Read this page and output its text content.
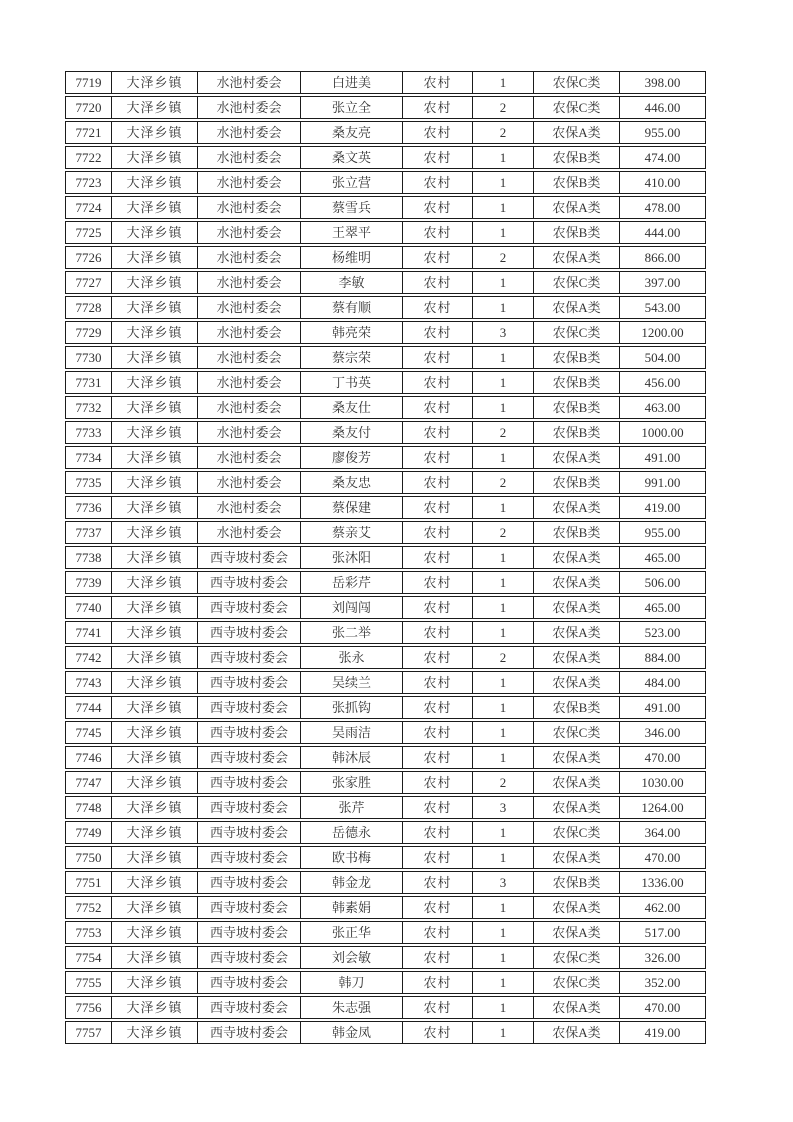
7719	大泽乡镇	水池村委会	白进美	农村	1	农保C类	398.00
7720	大泽乡镇	水池村委会	张立全	农村	2	农保C类	446.00
7721	大泽乡镇	水池村委会	桑友亮	农村	2	农保A类	955.00
7722	大泽乡镇	水池村委会	桑文英	农村	1	农保B类	474.00
7723	大泽乡镇	水池村委会	张立营	农村	1	农保B类	410.00
7724	大泽乡镇	水池村委会	蔡雪兵	农村	1	农保A类	478.00
7725	大泽乡镇	水池村委会	王翠平	农村	1	农保B类	444.00
7726	大泽乡镇	水池村委会	杨维明	农村	2	农保A类	866.00
7727	大泽乡镇	水池村委会	李敏	农村	1	农保C类	397.00
7728	大泽乡镇	水池村委会	蔡有顺	农村	1	农保A类	543.00
7729	大泽乡镇	水池村委会	韩亮荣	农村	3	农保C类	1200.00
7730	大泽乡镇	水池村委会	蔡宗荣	农村	1	农保B类	504.00
7731	大泽乡镇	水池村委会	丁书英	农村	1	农保B类	456.00
7732	大泽乡镇	水池村委会	桑友仕	农村	1	农保B类	463.00
7733	大泽乡镇	水池村委会	桑友付	农村	2	农保B类	1000.00
7734	大泽乡镇	水池村委会	廖俊芳	农村	1	农保A类	491.00
7735	大泽乡镇	水池村委会	桑友忠	农村	2	农保B类	991.00
7736	大泽乡镇	水池村委会	蔡保建	农村	1	农保A类	419.00
7737	大泽乡镇	水池村委会	蔡亲艾	农村	2	农保B类	955.00
7738	大泽乡镇	西寺坡村委会	张沐阳	农村	1	农保A类	465.00
7739	大泽乡镇	西寺坡村委会	岳彩芹	农村	1	农保A类	506.00
7740	大泽乡镇	西寺坡村委会	刘闯闯	农村	1	农保A类	465.00
7741	大泽乡镇	西寺坡村委会	张二举	农村	1	农保A类	523.00
7742	大泽乡镇	西寺坡村委会	张永	农村	2	农保A类	884.00
7743	大泽乡镇	西寺坡村委会	吴续兰	农村	1	农保A类	484.00
7744	大泽乡镇	西寺坡村委会	张抓钩	农村	1	农保B类	491.00
7745	大泽乡镇	西寺坡村委会	吴雨洁	农村	1	农保C类	346.00
7746	大泽乡镇	西寺坡村委会	韩沐辰	农村	1	农保A类	470.00
7747	大泽乡镇	西寺坡村委会	张家胜	农村	2	农保A类	1030.00
7748	大泽乡镇	西寺坡村委会	张芹	农村	3	农保A类	1264.00
7749	大泽乡镇	西寺坡村委会	岳德永	农村	1	农保C类	364.00
7750	大泽乡镇	西寺坡村委会	欧书梅	农村	1	农保A类	470.00
7751	大泽乡镇	西寺坡村委会	韩金龙	农村	3	农保B类	1336.00
7752	大泽乡镇	西寺坡村委会	韩素娟	农村	1	农保A类	462.00
7753	大泽乡镇	西寺坡村委会	张正华	农村	1	农保A类	517.00
7754	大泽乡镇	西寺坡村委会	刘会敏	农村	1	农保C类	326.00
7755	大泽乡镇	西寺坡村委会	韩刀	农村	1	农保C类	352.00
7756	大泽乡镇	西寺坡村委会	朱志强	农村	1	农保A类	470.00
7757	大泽乡镇	西寺坡村委会	韩金凤	农村	1	农保A类	419.00
